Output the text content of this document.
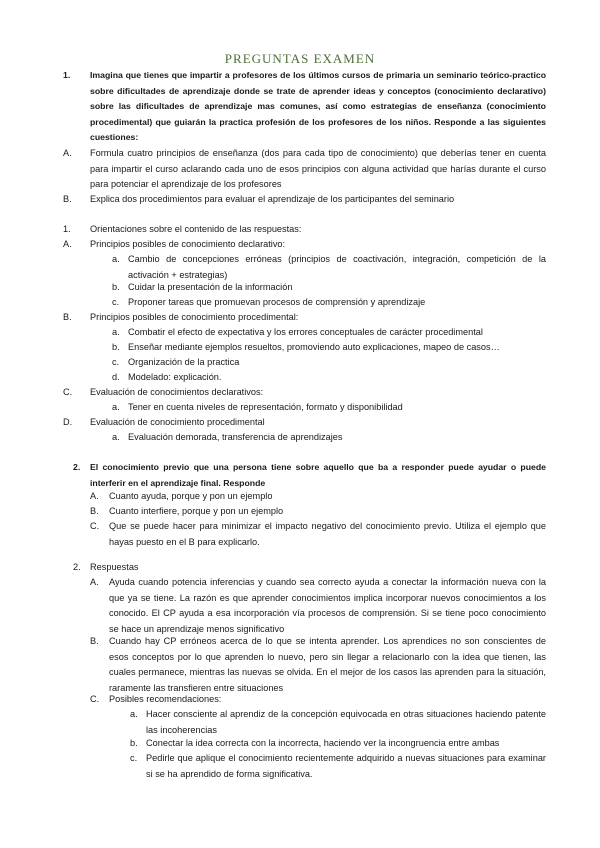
PREGUNTAS EXAMEN
1. Imagina que tienes que impartir a profesores de los últimos cursos de primaria un seminario teórico-practico sobre dificultades de aprendizaje donde se trate de aprender ideas y conceptos (conocimiento declarativo) sobre las dificultades de aprendizaje mas comunes, así como estrategias de enseñanza (conocimiento procedimental) que guiarán la practica profesión de los profesores de los niños. Responde a las siguientes cuestiones:
A. Formula cuatro principios de enseñanza (dos para cada tipo de conocimiento) que deberías tener en cuenta para impartir el curso aclarando cada uno de esos principios con alguna actividad que harías durante el curso para potenciar el aprendizaje de los profesores
B. Explica dos procedimientos para evaluar el aprendizaje de los participantes del seminario
1. Orientaciones sobre el contenido de las respuestas:
A. Principios posibles de conocimiento declarativo:
a. Cambio de concepciones erróneas (principios de coactivación, integración, competición de la activación + estrategias)
b. Cuidar la presentación de la información
c. Proponer tareas que promuevan procesos de comprensión y aprendizaje
B. Principios posibles de conocimiento procedimental:
a. Combatir el efecto de expectativa y los errores conceptuales de carácter procedimental
b. Enseñar mediante ejemplos resueltos, promoviendo auto explicaciones, mapeo de casos…
c. Organización de la practica
d. Modelado: explicación.
C. Evaluación de conocimientos declarativos:
a. Tener en cuenta niveles de representación, formato y disponibilidad
D. Evaluación de conocimiento procedimental
a. Evaluación demorada, transferencia de aprendizajes
2. El conocimiento previo que una persona tiene sobre aquello que ba a responder puede ayudar o puede interferir en el aprendizaje final. Responde
A. Cuanto ayuda, porque y pon un ejemplo
B. Cuanto interfiere, porque y pon un ejemplo
C. Que se puede hacer para minimizar el impacto negativo del conocimiento previo. Utiliza el ejemplo que hayas puesto en el B para explicarlo.
2. Respuestas
A. Ayuda cuando potencia inferencias y cuando sea correcto ayuda a conectar la información nueva con la que ya se tiene. La razón es que aprender conocimientos implica incorporar nuevos conocimientos a los conocido. El CP ayuda a esa incorporación vía procesos de comprensión. Si se tiene poco conocimiento se hace un aprendizaje menos significativo
B. Cuando hay CP erróneos acerca de lo que se intenta aprender. Los aprendices no son conscientes de esos conceptos por lo que aprenden lo nuevo, pero sin llegar a relacionarlo con la idea que tienen, las cuales permanece, mientras las nuevas se olvida. En el mejor de los casos las aprenden para la situación, raramente las transfieren entre situaciones
C. Posibles recomendaciones:
a. Hacer consciente al aprendiz de la concepción equivocada en otras situaciones haciendo patente las incoherencias
b. Conectar la idea correcta con la incorrecta, haciendo ver la incongruencia entre ambas
c. Pedirle que aplique el conocimiento recientemente adquirido a nuevas situaciones para examinar si se ha aprendido de forma significativa.
